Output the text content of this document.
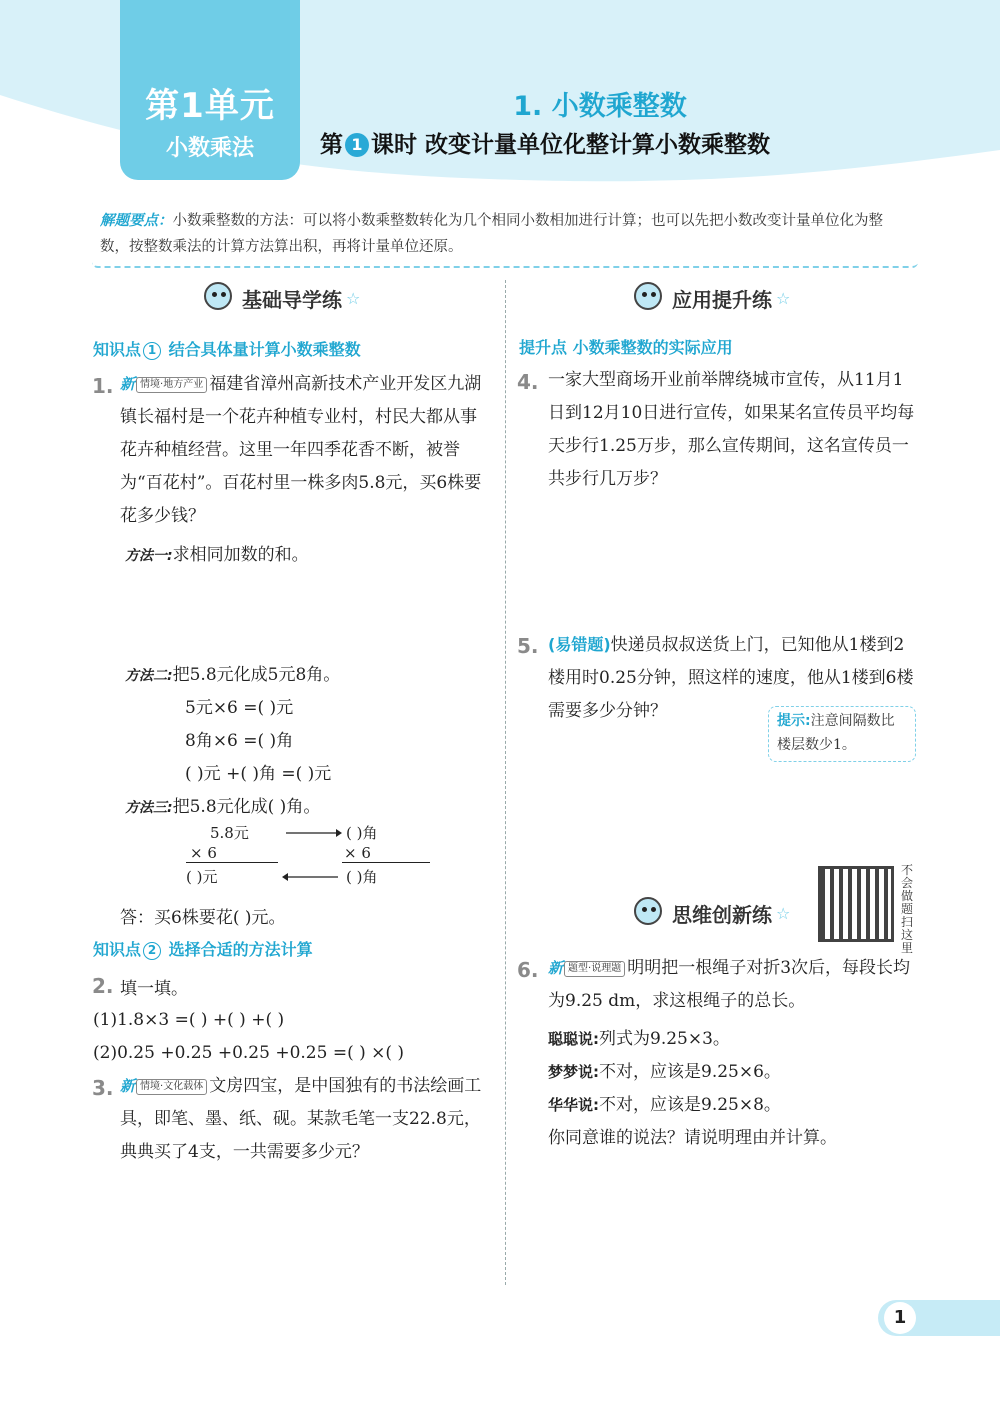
第1单元
小数乘法
1. 小数乘整数
第 1 课时 改变计量单位化整计算小数乘整数
解题要点：小数乘整数的方法：可以将小数乘整数转化为几个相同小数相加进行计算；也可以先把小数改变计量单位化为整数，按整数乘法的计算方法算出积，再将计量单位还原。
基础导学练 ☆
知识点 1 结合具体量计算小数乘整数
1. 新 情境·地方产业 福建省漳州高新技术产业开发区九湖镇长福村是一个花卉种植专业村，村民大都从事花卉种植经营。这里一年四季花香不断，被誉为“百花村”。百花村里一株多肉5.8元，买6株要花多少钱？
方法一:求相同加数的和。
方法二:把5.8元化成5元8角。
5元×6 =( )元
8角×6 =( )角
( )元 +( )角 =( )元
方法三:把5.8元化成( )角。
5.8元
× 6
( )元
( )角
× 6
( )角
答：买6株要花( )元。
知识点 2 选择合适的方法计算
2. 填一填。
(1)1.8×3 =( ) +( ) +( )
(2)0.25 +0.25 +0.25 +0.25 =( ) ×( )
3. 新 情境·文化载体 文房四宝，是中国独有的书法绘画工具，即笔、墨、纸、砚。某款毛笔一支22.8元，典典买了4支，一共需要多少元？
应用提升练 ☆
提升点 小数乘整数的实际应用
4. 一家大型商场开业前举牌绕城市宣传，从11月1日到12月10日进行宣传，如果某名宣传员平均每天步行1.25万步，那么宣传期间，这名宣传员一共步行几万步？
5. (易错题)快递员叔叔送货上门，已知他从1楼到2楼用时0.25分钟，照这样的速度，他从1楼到6楼需要多少分钟？	提示:注意间隔数比楼层数少1。
思维创新练 ☆
不会做题扫这里
6. 新 题型·说理题 明明把一根绳子对折3次后，每段长均为9.25 dm，求这根绳子的总长。
聪聪说:列式为9.25×3。
梦梦说:不对，应该是9.25×6。
华华说:不对，应该是9.25×8。
你同意谁的说法？请说明理由并计算。
1
